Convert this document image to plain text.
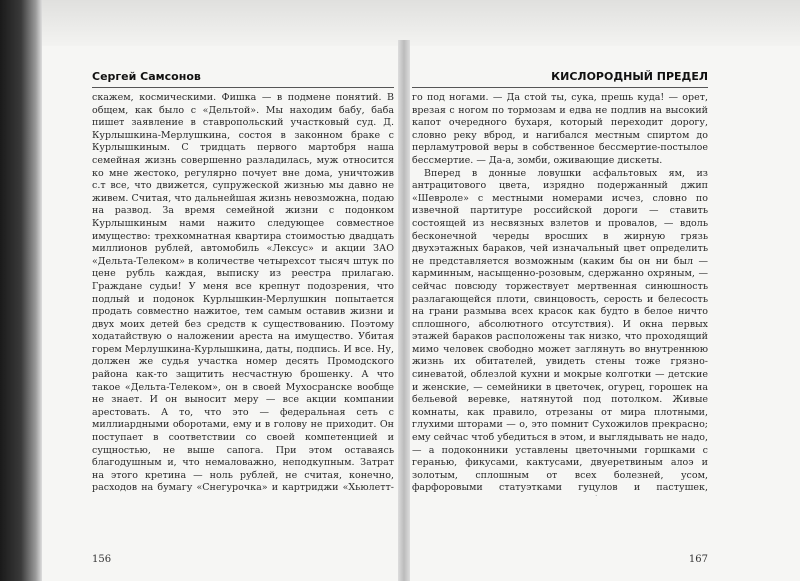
Сергей Самсонов

скажем, космическими. Фишка — в подмене понятий. В общем, как было с «Дельтой». Мы находим бабу, баба пишет заявление в ставропольский участковый суд. Д. Курлышкина-Мерлушкина, состоя в законном браке с Курлышкиным. С тридцать первого мартобря наша семейная жизнь совершенно разладилась, муж относится ко мне жестоко, регулярно почует вне дома, уничтожив с.т все, что движется, супружеской жизнью мы давно не живем. Считая, что дальнейшая жизнь невозможна, подаю на развод. За время семейной жизни с подонком Курлышкиным нами нажито следующее совместное имущество: трехкомнатная квартира стоимостью двадцать миллионов рублей, автомобиль «Лексус» и акции ЗАО «Дельта-Телеком» в количестве четырехсот тысяч штук по цене рубль каждая, выписку из реестра прилагаю. Граждане судьи! У меня все крепнут подозрения, что подлый и подонок Курлышкин-Мерлушкин попытается продать совместно нажитое, тем самым оставив жизни и двух моих детей без средств к существованию. Поэтому ходатайствую о наложении ареста на имущество. Убитая горем Мерлушкина-Курлышкина, даты, подпись. И все. Ну, должен же судья участка номер десять Промодского района как-то защитить несчастную брошенку. А что такое «Дельта-Телеком», он в своей Мухосранске вообще не знает. И он выносит меру — все акции компании арестовать. А то, что это — федеральная сеть с миллиардными оборотами, ему и в голову не приходит. Он поступает в соответствии со своей компетенцией и сущностью, не выше сапога. При этом оставаясь благодушным и, что немаловажно, неподкупным. Затрат на этого кретина — ноль рублей, не считая, конечно, расходов на бумагу «Снегурочка» и картриджи «Хьюлетт-

156
КИСЛОРОДНЫЙ ПРЕДЕЛ

го под ногами. — Да стой ты, сука, прешь куда! — орет, врезая с ногом по тормозам и едва не подлив на высокий капот очередного бухаря, который переходит дорогу, словно реку вброд, и нагибался местным спиртом до перламутровой веры в собственное бессмертие-постылое бессмертие. — Да-а, зомби, оживающие дискеты.

Вперед в донные ловушки асфальтовых ям, из антрацитового цвета, изрядно подержанный джип «Шевроле» с местными номерами исчез, словно по извечной партитуре российской дороги — ставить состоящей из несвязных взлетов и провалов, — вдоль бесконечной череды вросших в жирную грязь двухэтажных бараков, чей изначальный цвет определить не представляется возможным (каким бы он ни был — карминным, насыщенно-розовым, сдержанно охряным, — сейчас повсюду торжествует мертвенная синюшность разлагающейся плоти, свинцовость, серость и белесость на грани размыва всех красок как будто в белое ничто сплошного, абсолютного отсутствия). И окна первых этажей бараков расположены так низко, что проходящий мимо человек свободно может заглянуть во внутреннюю жизнь их обитателей, увидеть стены тоже грязно-синеватой, облезлой кухни и мокрые колготки — детские и женские, — семейники в цветочек, огурец, горошек на бельевой веревке, натянутой под потолком. Живые комнаты, как правило, отрезаны от мира плотными, глухими шторами — о, это помнит Сухожилов прекрасно; ему сейчас чтоб убедиться в этом, и выглядывать не надо, — а подоконники уставлены цветочными горшками с геранью, фикусами, кактусами, двуеретвиным алоэ и золотым, сплошным от всех болезней, усом, фарфоровыми статуэтками гуцулов и пастушек,

167
